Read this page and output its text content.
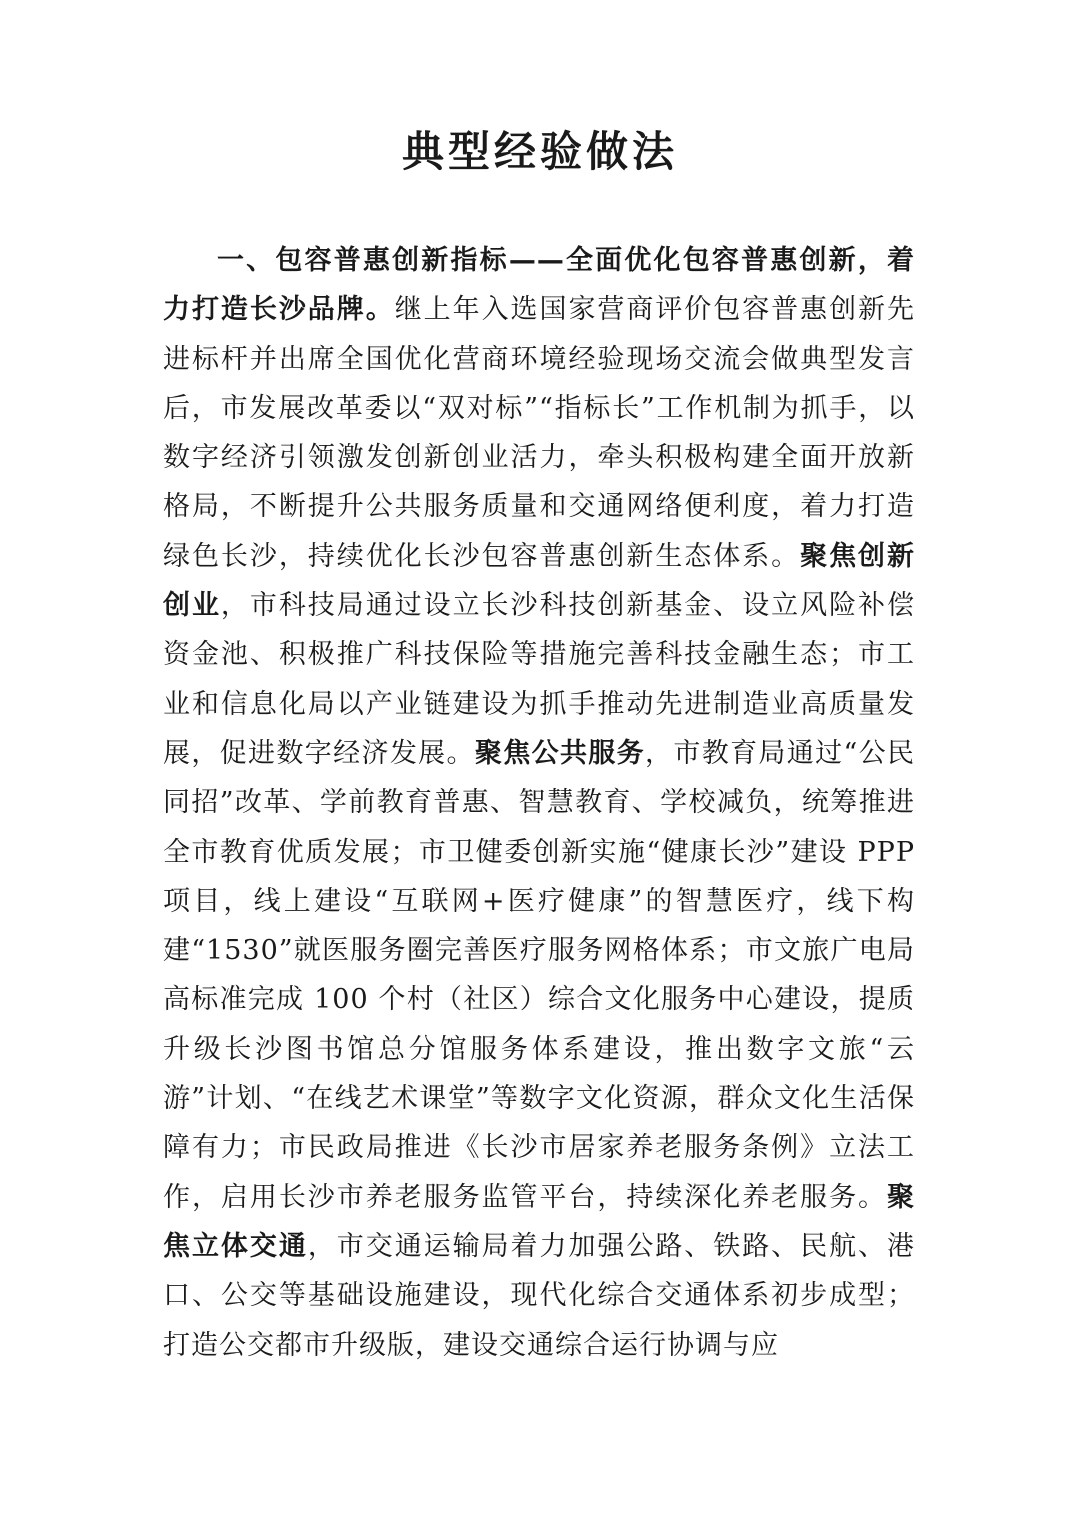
典型经验做法

一、包容普惠创新指标——全面优化包容普惠创新，着力打造长沙品牌。继上年入选国家营商评价包容普惠创新先进标杆并出席全国优化营商环境经验现场交流会做典型发言后，市发展改革委以“双对标”“指标长”工作机制为抓手，以数字经济引领激发创新创业活力，牵头积极构建全面开放新格局，不断提升公共服务质量和交通网络便利度，着力打造绿色长沙，持续优化长沙包容普惠创新生态体系。聚焦创新创业，市科技局通过设立长沙科技创新基金、设立风险补偿资金池、积极推广科技保险等措施完善科技金融生态；市工业和信息化局以产业链建设为抓手推动先进制造业高质量发展，促进数字经济发展。聚焦公共服务，市教育局通过“公民同招”改革、学前教育普惠、智慧教育、学校减负，统筹推进全市教育优质发展；市卫健委创新实施“健康长沙”建设 PPP 项目，线上建设“互联网+医疗健康”的智慧医疗，线下构建“1530”就医服务圈完善医疗服务网格体系；市文旅广电局高标准完成 100 个村（社区）综合文化服务中心建设，提质升级长沙图书馆总分馆服务体系建设，推出数字文旅“云游”计划、“在线艺术课堂”等数字文化资源，群众文化生活保障有力；市民政局推进《长沙市居家养老服务条例》立法工作，启用长沙市养老服务监管平台，持续深化养老服务。聚焦立体交通，市交通运输局着力加强公路、铁路、民航、港口、公交等基础设施建设，现代化综合交通体系初步成型；打造公交都市升级版，建设交通综合运行协调与应
